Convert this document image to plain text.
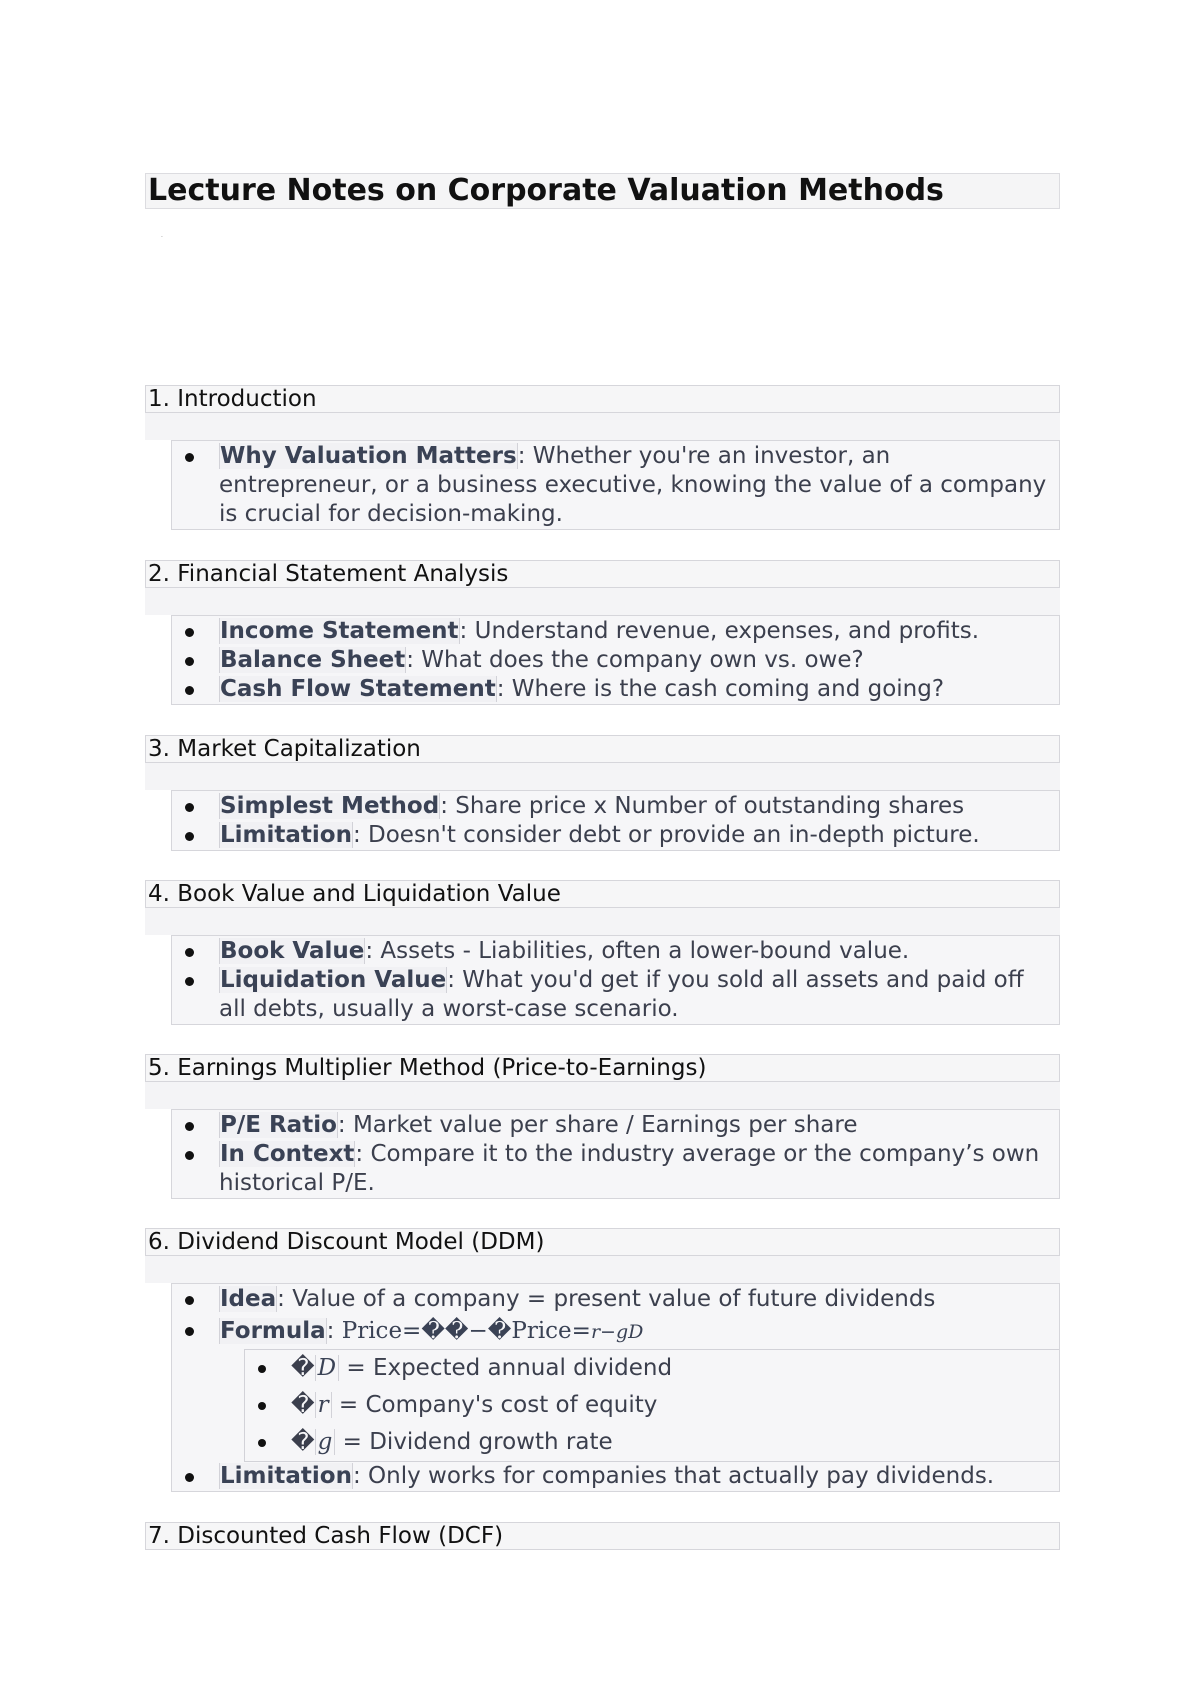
Lecture Notes on Corporate Valuation Methods
.
1. Introduction
Why Valuation Matters: Whether you're an investor, an entrepreneur, or a business executive, knowing the value of a company is crucial for decision-making.
2. Financial Statement Analysis
Income Statement: Understand revenue, expenses, and profits.
Balance Sheet: What does the company own vs. owe?
Cash Flow Statement: Where is the cash coming and going?
3. Market Capitalization
Simplest Method: Share price x Number of outstanding shares
Limitation: Doesn't consider debt or provide an in-depth picture.
4. Book Value and Liquidation Value
Book Value: Assets - Liabilities, often a lower-bound value.
Liquidation Value: What you'd get if you sold all assets and paid off all debts, usually a worst-case scenario.
5. Earnings Multiplier Method (Price-to-Earnings)
P/E Ratio: Market value per share / Earnings per share
In Context: Compare it to the industry average or the company’s own historical P/E.
6. Dividend Discount Model (DDM)
Idea: Value of a company = present value of future dividends
Formula: Price=��−�Price=r−gD
� D = Expected annual dividend
� r = Company's cost of equity
� g = Dividend growth rate
Limitation: Only works for companies that actually pay dividends.
7. Discounted Cash Flow (DCF)
